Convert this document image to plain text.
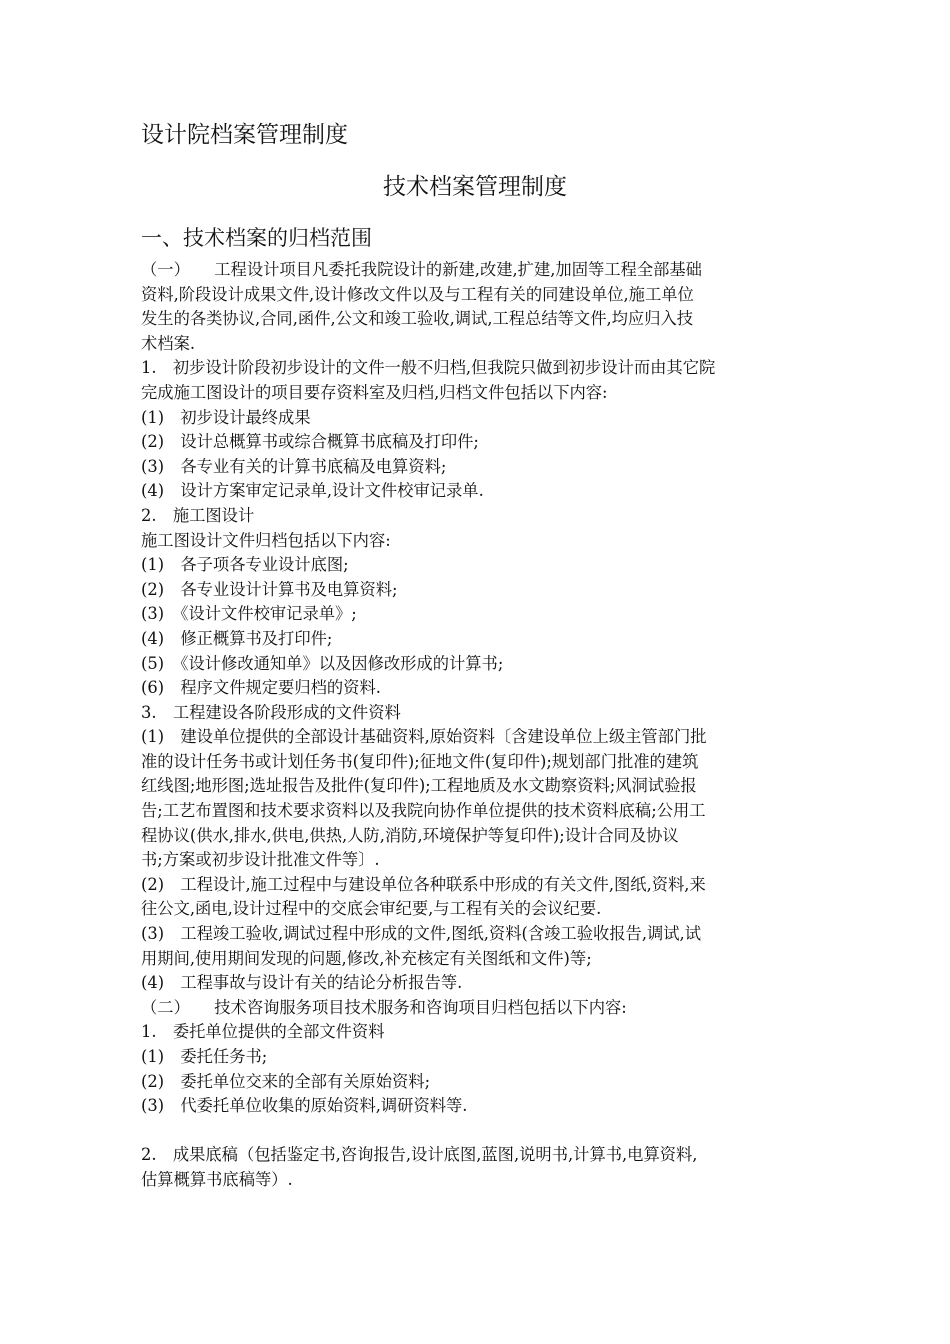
设计院档案管理制度
技术档案管理制度
一、技术档案的归档范围

（一）　　工程设计项目凡委托我院设计的新建,改建,扩建,加固等工程全部基础

资料,阶段设计成果文件,设计修改文件以及与工程有关的同建设单位,施工单位

发生的各类协议,合同,函件,公文和竣工验收,调试,工程总结等文件,均应归入技

术档案.

1.　初步设计阶段初步设计的文件一般不归档,但我院只做到初步设计而由其它院

完成施工图设计的项目要存资料室及归档,归档文件包括以下内容:

(1)　初步设计最终成果

(2)　设计总概算书或综合概算书底稿及打印件;

(3)　各专业有关的计算书底稿及电算资料;

(4)　设计方案审定记录单,设计文件校审记录单.

2.　施工图设计

施工图设计文件归档包括以下内容:

(1)　各子项各专业设计底图;

(2)　各专业设计计算书及电算资料;

(3)　《设计文件校审记录单》;

(4)　修正概算书及打印件;

(5)　《设计修改通知单》以及因修改形成的计算书;

(6)　程序文件规定要归档的资料.

3.　工程建设各阶段形成的文件资料

(1)　建设单位提供的全部设计基础资料,原始资料〔含建设单位上级主管部门批

准的设计任务书或计划任务书(复印件);征地文件(复印件);规划部门批准的建筑

红线图;地形图;选址报告及批件(复印件);工程地质及水文勘察资料;风洞试验报

告;工艺布置图和技术要求资料以及我院向协作单位提供的技术资料底稿;公用工

程协议(供水,排水,供电,供热,人防,消防,环境保护等复印件);设计合同及协议

书;方案或初步设计批准文件等〕.

(2)　工程设计,施工过程中与建设单位各种联系中形成的有关文件,图纸,资料,来

往公文,函电,设计过程中的交底会审纪要,与工程有关的会议纪要.

(3)　工程竣工验收,调试过程中形成的文件,图纸,资料(含竣工验收报告,调试,试

用期间,使用期间发现的问题,修改,补充核定有关图纸和文件)等;

(4)　工程事故与设计有关的结论分析报告等.

（二）　　技术咨询服务项目技术服务和咨询项目归档包括以下内容:

1.　委托单位提供的全部文件资料

(1)　委托任务书;

(2)　委托单位交来的全部有关原始资料;

(3)　代委托单位收集的原始资料,调研资料等.

2.　成果底稿（包括鉴定书,咨询报告,设计底图,蓝图,说明书,计算书,电算资料,

估算概算书底稿等）.
